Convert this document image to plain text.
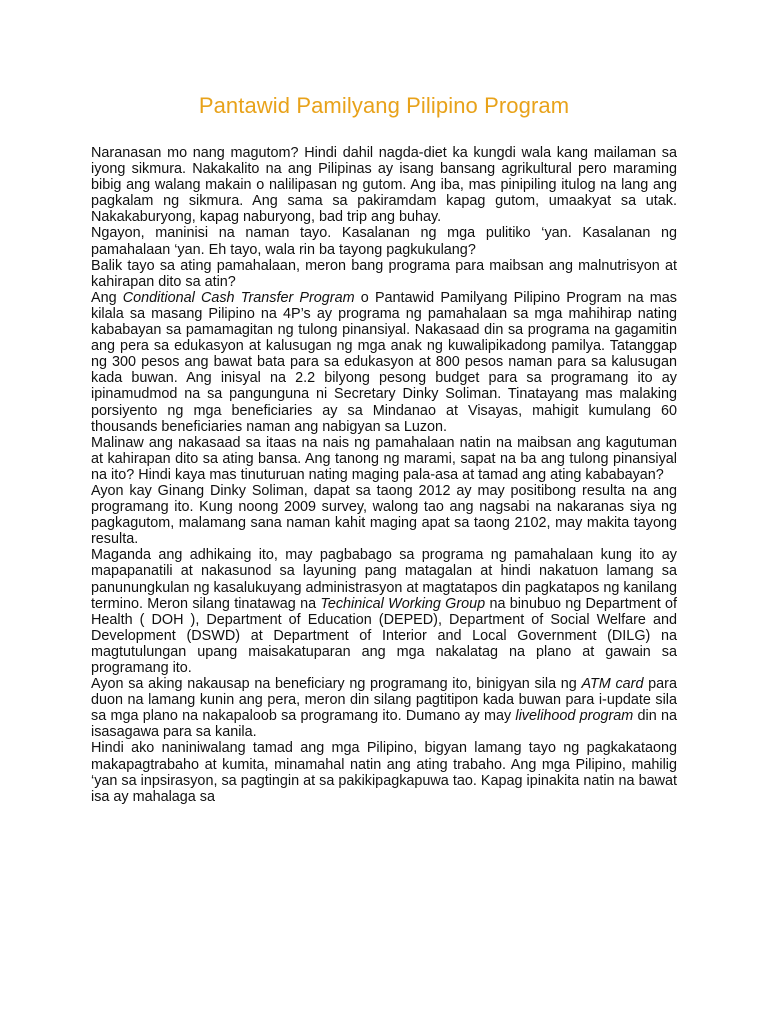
Pantawid Pamilyang Pilipino Program

Naranasan mo nang magutom? Hindi dahil nagda-diet ka kungdi wala kang mailaman sa iyong sikmura. Nakakalito na ang Pilipinas ay isang bansang agrikultural pero maraming bibig ang walang makain o nalilipasan ng gutom. Ang iba, mas pinipiling itulog na lang ang pagkalam ng sikmura. Ang sama sa pakiramdam kapag gutom, umaakyat sa utak. Nakakaburyong, kapag naburyong, bad trip ang buhay.

Ngayon, maninisi na naman tayo. Kasalanan ng mga pulitiko ‘yan. Kasalanan ng pamahalaan ‘yan. Eh tayo, wala rin ba tayong pagkukulang?

Balik tayo sa ating pamahalaan, meron bang programa para maibsan ang malnutrisyon at kahirapan dito sa atin?

Ang Conditional Cash Transfer Program o Pantawid Pamilyang Pilipino Program na mas kilala sa masang Pilipino na 4P’s ay programa ng pamahalaan sa mga mahihirap nating kababayan sa pamamagitan ng tulong pinansiyal. Nakasaad din sa programa na gagamitin ang pera sa edukasyon at kalusugan ng mga anak ng kuwalipikadong pamilya. Tatanggap ng 300 pesos ang bawat bata para sa edukasyon at 800 pesos naman para sa kalusugan kada buwan. Ang inisyal na 2.2 bilyong pesong budget para sa programang ito ay ipinamudmod na sa pangunguna ni Secretary Dinky Soliman. Tinatayang mas malaking porsiyento ng mga beneficiaries ay sa Mindanao at Visayas, mahigit kumulang 60 thousands beneficiaries naman ang nabigyan sa Luzon.

Malinaw ang nakasaad sa itaas na nais ng pamahalaan natin na maibsan ang kagutuman at kahirapan dito sa ating bansa. Ang tanong ng marami, sapat na ba ang tulong pinansiyal na ito? Hindi kaya mas tinuturuan nating maging pala-asa at tamad ang ating kababayan?

Ayon kay Ginang Dinky Soliman, dapat sa taong 2012 ay may positibong resulta na ang programang ito. Kung noong 2009 survey, walong tao ang nagsabi na nakaranas siya ng pagkagutom, malamang sana naman kahit maging apat sa taong 2102, may makita tayong resulta.

Maganda ang adhikaing ito, may pagbabago sa programa ng pamahalaan kung ito ay mapapanatili at nakasunod sa layuning pang matagalan at hindi nakatuon lamang sa panunungkulan ng kasalukuyang administrasyon at magtatapos din pagkatapos ng kanilang termino. Meron silang tinatawag na Techinical Working Group na binubuo ng Department of Health ( DOH ), Department of Education (DEPED), Department of Social Welfare and Development (DSWD) at Department of Interior and Local Government (DILG) na magtutulungan upang maisakatuparan ang mga nakalatag na plano at gawain sa programang ito.

Ayon sa aking nakausap na beneficiary ng programang ito, binigyan sila ng ATM card para duon na lamang kunin ang pera, meron din silang pagtitipon kada buwan para i-update sila sa mga plano na nakapaloob sa programang ito. Dumano ay may livelihood program din na isasagawa para sa kanila.

Hindi ako naniniwalang tamad ang mga Pilipino, bigyan lamang tayo ng pagkakataong makapagtrabaho at kumita, minamahal natin ang ating trabaho. Ang mga Pilipino, mahilig ‘yan sa inpsirasyon, sa pagtingin at sa pakikipagkapuwa tao. Kapag ipinakita natin na bawat isa ay mahalaga sa
